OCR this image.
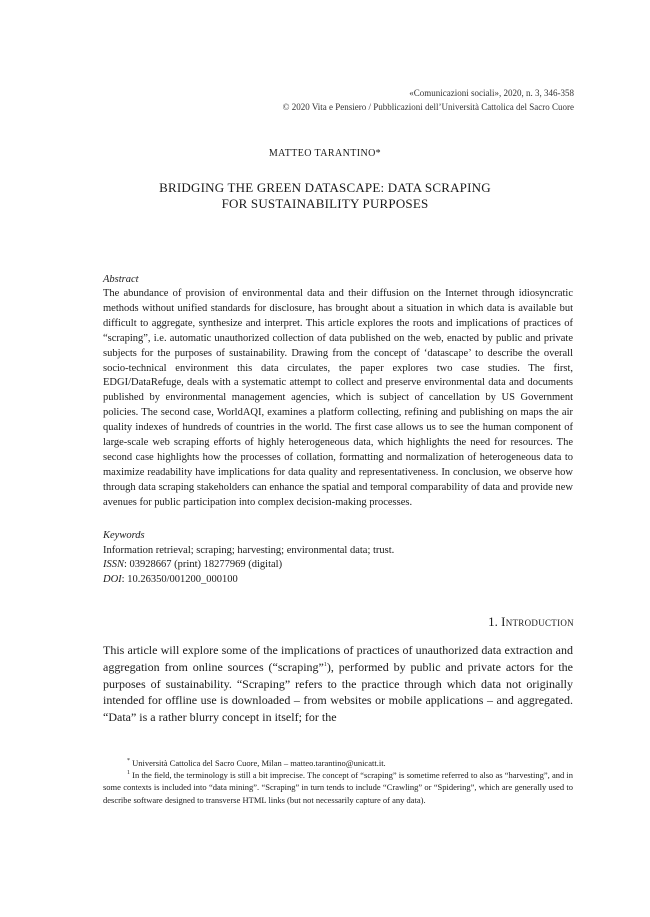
«Comunicazioni sociali», 2020, n. 3, 346-358
© 2020 Vita e Pensiero / Pubblicazioni dell’Università Cattolica del Sacro Cuore
MATTEO TARANTINO*
BRIDGING THE GREEN DATASCAPE: DATA SCRAPING
FOR SUSTAINABILITY PURPOSES
Abstract

The abundance of provision of environmental data and their diffusion on the Internet through idiosyncratic methods without unified standards for disclosure, has brought about a situation in which data is available but difficult to aggregate, synthesize and interpret. This article explores the roots and implications of practices of “scraping”, i.e. automatic unauthorized collection of data published on the web, enacted by public and private subjects for the purposes of sustainability. Drawing from the concept of ‘datascape’ to describe the overall socio-technical environment this data circulates, the paper explores two case studies. The first, EDGI/DataRefuge, deals with a systematic attempt to collect and preserve environmental data and documents published by environmental management agencies, which is subject of cancellation by US Government policies. The second case, WorldAQI, examines a platform collecting, refining and publishing on maps the air quality indexes of hundreds of countries in the world. The first case allows us to see the human component of large-scale web scraping efforts of highly heterogeneous data, which highlights the need for resources. The second case highlights how the processes of collation, formatting and normalization of heterogeneous data to maximize readability have implications for data quality and representativeness. In conclusion, we observe how through data scraping stakeholders can enhance the spatial and temporal comparability of data and provide new avenues for public participation into complex decision-making processes.

Keywords
Information retrieval; scraping; harvesting; environmental data; trust.
ISSN: 03928667 (print) 18277969 (digital)
DOI: 10.26350/001200_000100
1. Introduction

This article will explore some of the implications of practices of unauthorized data extraction and aggregation from online sources (“scraping”$^1$), performed by public and private actors for the purposes of sustainability. “Scraping” refers to the practice through which data not originally intended for offline use is downloaded – from websites or mobile applications – and aggregated. “Data” is a rather blurry concept in itself; for the

* Università Cattolica del Sacro Cuore, Milan – matteo.tarantino@unicatt.it.

$^1$ In the field, the terminology is still a bit imprecise. The concept of “scraping” is sometime referred to also as “harvesting”, and in some contexts is included into “data mining”. “Scraping” in turn tends to include “Crawling” or “Spidering”, which are generally used to describe software designed to transverse HTML links (but not necessarily capture of any data).
